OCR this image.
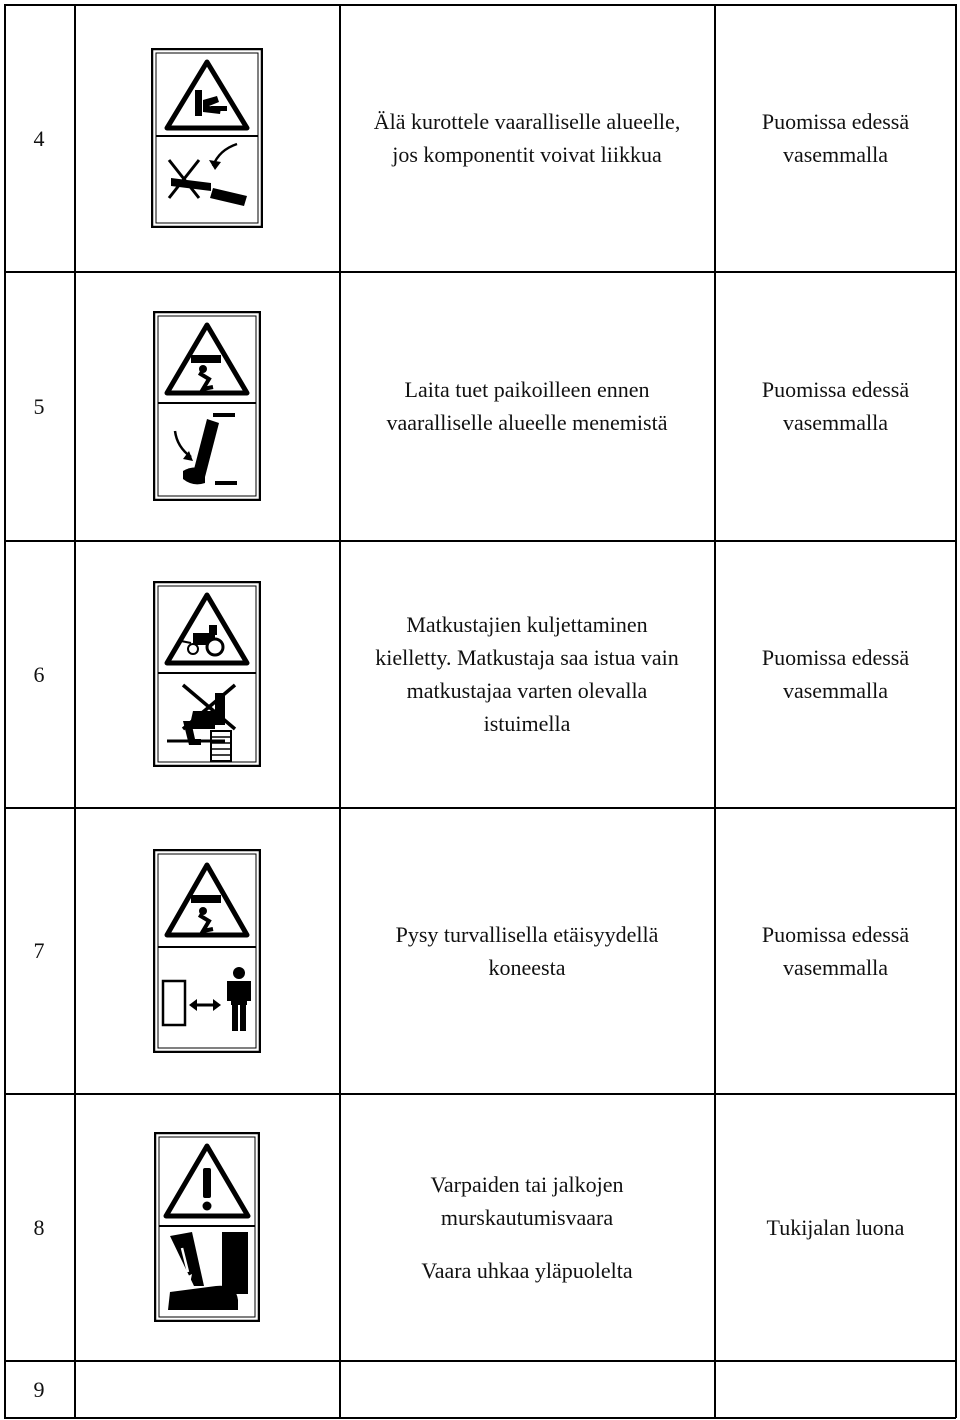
4
Älä kurottele vaaralliselle alueelle,
jos komponentit voivat liikkua
Puomissa edessä
vasemmalla
5
Laita tuet paikoilleen ennen
vaaralliselle alueelle menemistä
Puomissa edessä
vasemmalla
6
Matkustajien kuljettaminen
kielletty. Matkustaja saa istua vain
matkustajaa varten olevalla
istuimella
Puomissa edessä
vasemmalla
7
Pysy turvallisella etäisyydellä
koneesta
Puomissa edessä
vasemmalla
8
Varpaiden tai jalkojen
murskautumisvaara
Vaara uhkaa yläpuolelta
Tukijalan luona
9
